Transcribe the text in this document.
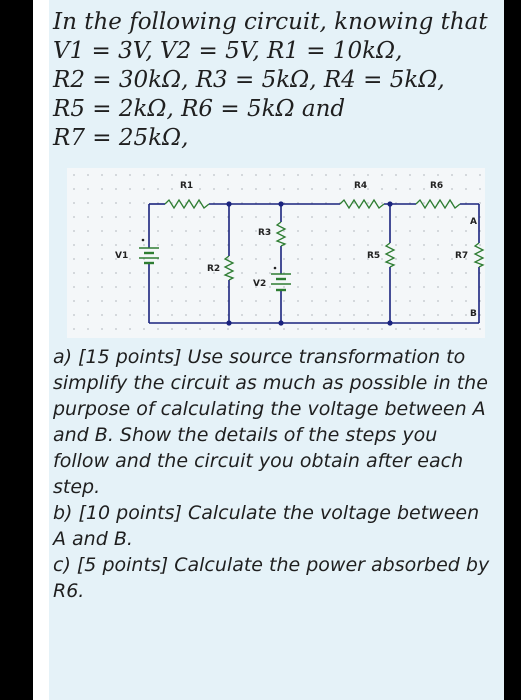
In the following circuit, knowing that
V1 = 3V, V2 = 5V, R1 = 10kΩ,
R2 = 30kΩ, R3 = 5kΩ, R4 = 5kΩ,
R5 = 2kΩ, R6 = 5kΩ and
R7 = 25kΩ,
R1	R4	R6
R3
R2
R5	R7
V1
V2
A
B

a) [15 points] Use source transformation to simplify the circuit as much as possible in the purpose of calculating the voltage between A and B. Show the details of the steps you follow and the circuit you obtain after each step.

b) [10 points] Calculate the voltage between A and B.

c) [5 points] Calculate the power absorbed by R6.
